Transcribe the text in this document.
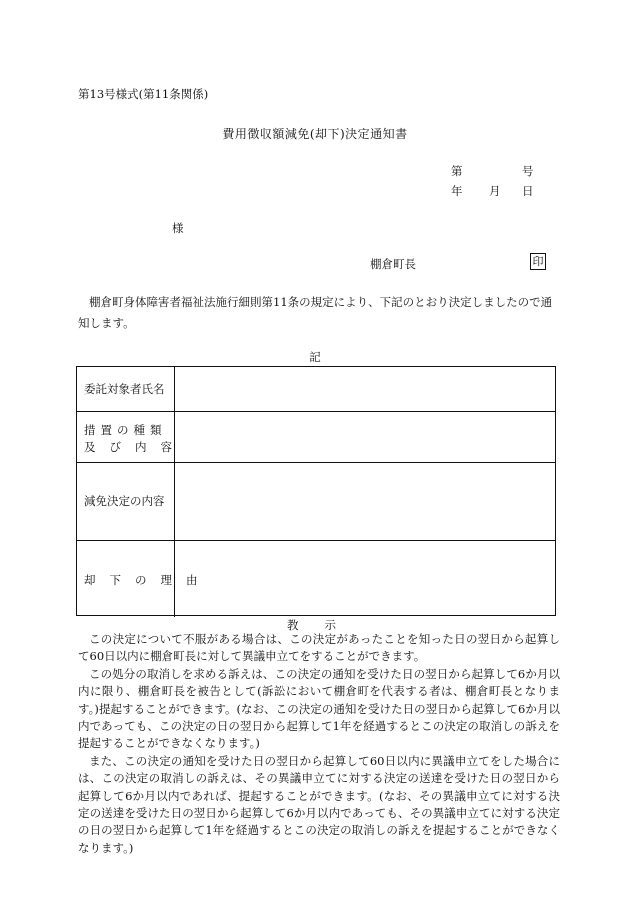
第13号様式(第11条関係)
費用徴収額減免(却下)決定通知書
第	号
年 月 日
様
棚倉町長	印
棚倉町身体障害者福祉法施行細則第11条の規定により、下記のとおり決定しましたので通知します。
記
委託対象者氏名
措置の種類
及び内容
減免決定の内容
却下の理由
教 示

この決定について不服がある場合は、この決定があったことを知った日の翌日から起算して60日以内に棚倉町長に対して異議申立てをすることができます。

この処分の取消しを求める訴えは、この決定の通知を受けた日の翌日から起算して6か月以内に限り、棚倉町長を被告として(訴訟において棚倉町を代表する者は、棚倉町長となります。)提起することができます。(なお、この決定の通知を受けた日の翌日から起算して6か月以内であっても、この決定の日の翌日から起算して1年を経過するとこの決定の取消しの訴えを提起することができなくなります。)

また、この決定の通知を受けた日の翌日から起算して60日以内に異議申立てをした場合には、この決定の取消しの訴えは、その異議申立てに対する決定の送達を受けた日の翌日から起算して6か月以内であれば、提起することができます。(なお、その異議申立てに対する決定の送達を受けた日の翌日から起算して6か月以内であっても、その異議申立てに対する決定の日の翌日から起算して1年を経過するとこの決定の取消しの訴えを提起することができなくなります。)
